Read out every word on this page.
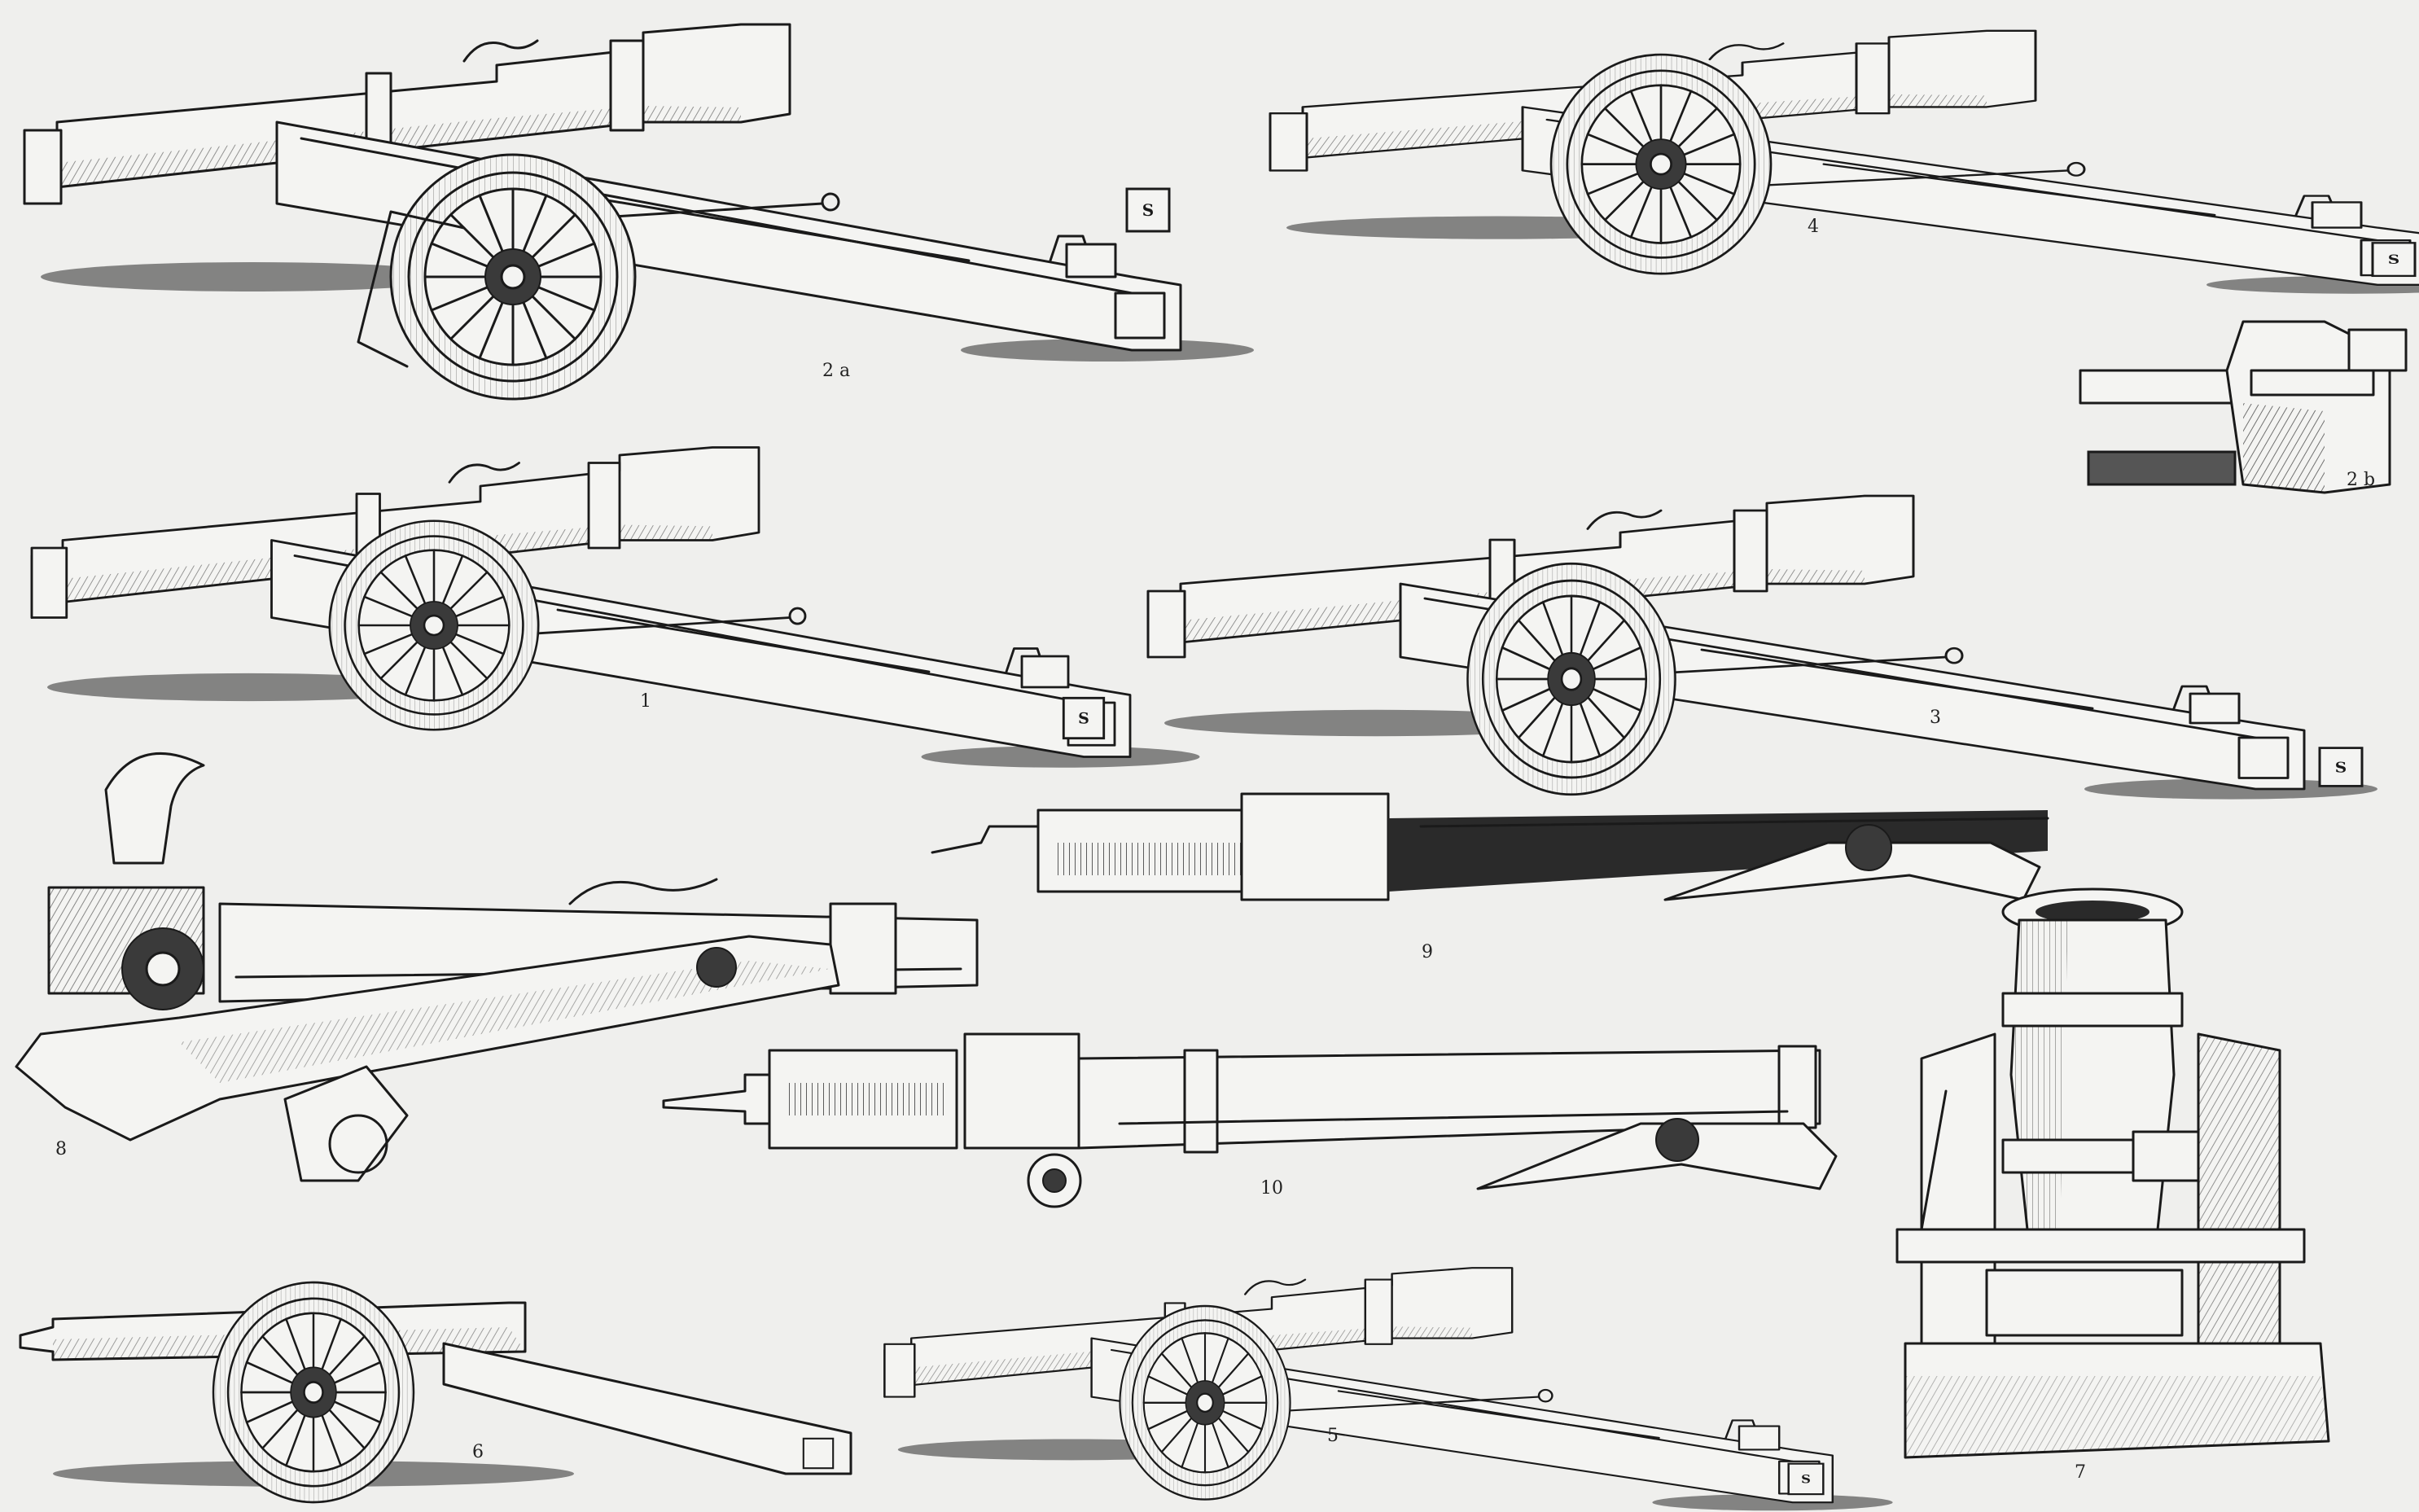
S
2 a
S
4
2 b
S
1
S
3
9
8
10
7
6
S
5
